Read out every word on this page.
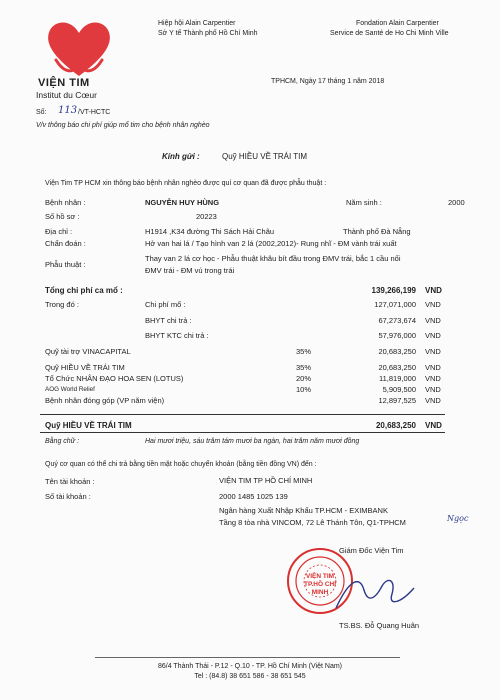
VIỆN TIM
Institut du Cœur
Hiệp hội Alain Carpentier
Sở Y tế Thành phố Hồ Chí Minh
Fondation Alain Carpentier
Service de Santé de Ho Chi Minh Ville
Số: 113 /VT-HCTC
TPHCM, Ngày 17 tháng 1 năm 2018
V/v thông báo chi phí giúp mổ tim cho bệnh nhân nghèo
Kính gửi :	Quỹ HIỀU VỀ TRÁI TIM
Viện Tim TP HCM xin thông báo bệnh nhân nghèo được quí cơ quan đã được phẫu thuật :
Bệnh nhân :	NGUYỄN HUY HÙNG	Năm sinh :	2000
Số hồ sơ :	20223
Địa chỉ :	H1914 ,K34 đường Thi Sách Hải Châu	Thành phố Đà Nẵng
Chẩn đoán :	Hở van hai lá / Tạo hình van 2 lá (2002,2012)- Rung nhĩ - ĐM vành trái xuất
Phẫu thuật :
Thay van 2 lá cơ học - Phẫu thuật khâu bít đầu trong ĐMV trái, bắc 1 cầu nối
ĐMV trái - ĐM vú trong trái
Tổng chi phí ca mổ :	139,266,199 VND
Trong đó :	Chi phí mổ :	127,071,000 VND
BHYT chi trả :	67,273,674 VND
BHYT KTC chi trả :	57,976,000 VND
Quỹ tài trợ VINACAPITAL	35%	20,683,250 VND
Quỹ HIỀU VỀ TRÁI TIM	35%	20,683,250 VND
Tổ Chức NHÂN ĐẠO HOA SEN (LOTUS)	20%	11,819,000 VND
AOG World Relief	10%	5,909,500 VND
Bệnh nhân đóng góp (VP năm viện)	12,897,525 VND
Quỹ HIỀU VỀ TRÁI TIM	20,683,250 VND
Bằng chữ :	Hai mươi triệu, sáu trăm tám mươi ba ngàn, hai trăm năm mươi đồng
Quý cơ quan có thể chi trả bằng tiền mặt hoặc chuyển khoản (bằng tiền đồng VN) đến :
Tên tài khoản :	VIỆN TIM TP HỒ CHÍ MINH
Số tài khoản :	2000 1485 1025 139
Ngân hàng Xuất Nhập Khẩu TP.HCM - EXIMBANK
Tầng 8 tòa nhà VINCOM, 72 Lê Thánh Tôn, Q1-TPHCM	Ngọc
Giám Đốc Viện Tim
VIỆN TIM TP.HỒ CHÍ MINH
TS.BS. Đỗ Quang Huân
86/4 Thành Thái - P.12 - Q.10 - TP. Hồ Chí Minh (Việt Nam)
Tel : (84.8) 38 651 586 - 38 651 545
